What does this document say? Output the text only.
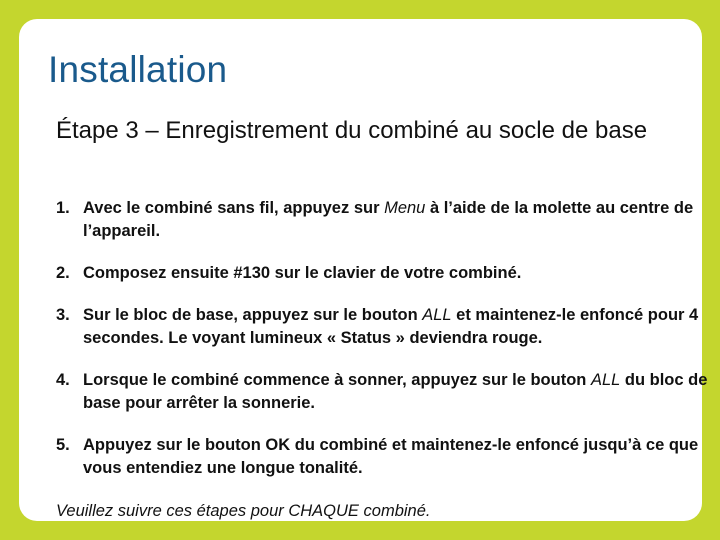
Installation
Étape 3 – Enregistrement du combiné au socle de base
1. Avec le combiné sans fil, appuyez sur Menu à l’aide de la molette au centre de l’appareil.
2. Composez ensuite #130 sur le clavier de votre combiné.
3. Sur le bloc de base, appuyez sur le bouton ALL et maintenez-le enfoncé pour 4 secondes. Le voyant lumineux « Status » deviendra rouge.
4. Lorsque le combiné commence à sonner, appuyez sur le bouton ALL du bloc de base pour arrêter la sonnerie.
5. Appuyez sur le bouton OK du combiné et maintenez-le enfoncé jusqu’à ce que vous entendiez une longue tonalité.

Veuillez suivre ces étapes pour CHAQUE combiné.
